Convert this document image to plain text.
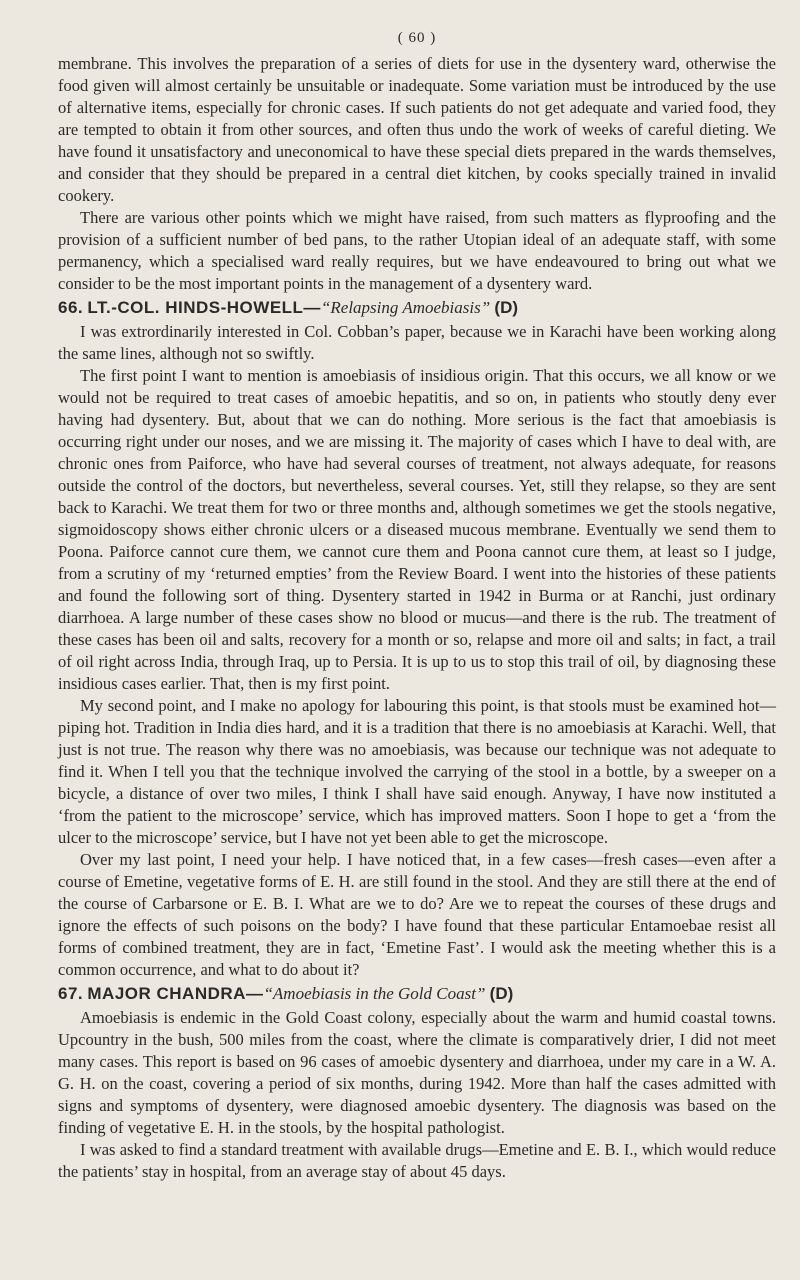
( 60 )

membrane. This involves the preparation of a series of diets for use in the dysentery ward, otherwise the food given will almost certainly be unsuitable or inadequate. Some variation must be introduced by the use of alternative items, especially for chronic cases. If such patients do not get adequate and varied food, they are tempted to obtain it from other sources, and often thus undo the work of weeks of careful dieting. We have found it unsatisfactory and uneconomical to have these special diets prepared in the wards themselves, and consider that they should be prepared in a central diet kitchen, by cooks specially trained in invalid cookery.

There are various other points which we might have raised, from such matters as flyproofing and the provision of a sufficient number of bed pans, to the rather Utopian ideal of an adequate staff, with some permanency, which a specialised ward really requires, but we have endeavoured to bring out what we consider to be the most important points in the management of a dysentery ward.

66. LT.-COL. HINDS-HOWELL—“Relapsing Amoebiasis” (D)

I was extrordinarily interested in Col. Cobban’s paper, because we in Karachi have been working along the same lines, although not so swiftly.

The first point I want to mention is amoebiasis of insidious origin. That this occurs, we all know or we would not be required to treat cases of amoebic hepatitis, and so on, in patients who stoutly deny ever having had dysentery. But, about that we can do nothing. More serious is the fact that amoebiasis is occurring right under our noses, and we are missing it. The majority of cases which I have to deal with, are chronic ones from Paiforce, who have had several courses of treatment, not always adequate, for reasons outside the control of the doctors, but nevertheless, several courses. Yet, still they relapse, so they are sent back to Karachi. We treat them for two or three months and, although sometimes we get the stools negative, sigmoidoscopy shows either chronic ulcers or a diseased mucous membrane. Eventually we send them to Poona. Paiforce cannot cure them, we cannot cure them and Poona cannot cure them, at least so I judge, from a scrutiny of my ‘returned empties’ from the Review Board. I went into the histories of these patients and found the following sort of thing. Dysentery started in 1942 in Burma or at Ranchi, just ordinary diarrhoea. A large number of these cases show no blood or mucus—and there is the rub. The treatment of these cases has been oil and salts, recovery for a month or so, relapse and more oil and salts; in fact, a trail of oil right across India, through Iraq, up to Persia. It is up to us to stop this trail of oil, by diagnosing these insidious cases earlier. That, then is my first point.

My second point, and I make no apology for labouring this point, is that stools must be examined hot—piping hot. Tradition in India dies hard, and it is a tradition that there is no amoebiasis at Karachi. Well, that just is not true. The reason why there was no amoebiasis, was because our technique was not adequate to find it. When I tell you that the technique involved the carrying of the stool in a bottle, by a sweeper on a bicycle, a distance of over two miles, I think I shall have said enough. Anyway, I have now instituted a ‘from the patient to the microscope’ service, which has improved matters. Soon I hope to get a ‘from the ulcer to the microscope’ service, but I have not yet been able to get the microscope.

Over my last point, I need your help. I have noticed that, in a few cases—fresh cases—even after a course of Emetine, vegetative forms of E. H. are still found in the stool. And they are still there at the end of the course of Carbarsone or E. B. I. What are we to do? Are we to repeat the courses of these drugs and ignore the effects of such poisons on the body? I have found that these particular Entamoebae resist all forms of combined treatment, they are in fact, ‘Emetine Fast’. I would ask the meeting whether this is a common occurrence, and what to do about it?

67. MAJOR CHANDRA—“Amoebiasis in the Gold Coast” (D)

Amoebiasis is endemic in the Gold Coast colony, especially about the warm and humid coastal towns. Upcountry in the bush, 500 miles from the coast, where the climate is comparatively drier, I did not meet many cases. This report is based on 96 cases of amoebic dysentery and diarrhoea, under my care in a W. A. G. H. on the coast, covering a period of six months, during 1942. More than half the cases admitted with signs and symptoms of dysentery, were diagnosed amoebic dysentery. The diagnosis was based on the finding of vegetative E. H. in the stools, by the hospital pathologist.

I was asked to find a standard treatment with available drugs—Emetine and E. B. I., which would reduce the patients’ stay in hospital, from an average stay of about 45 days.
